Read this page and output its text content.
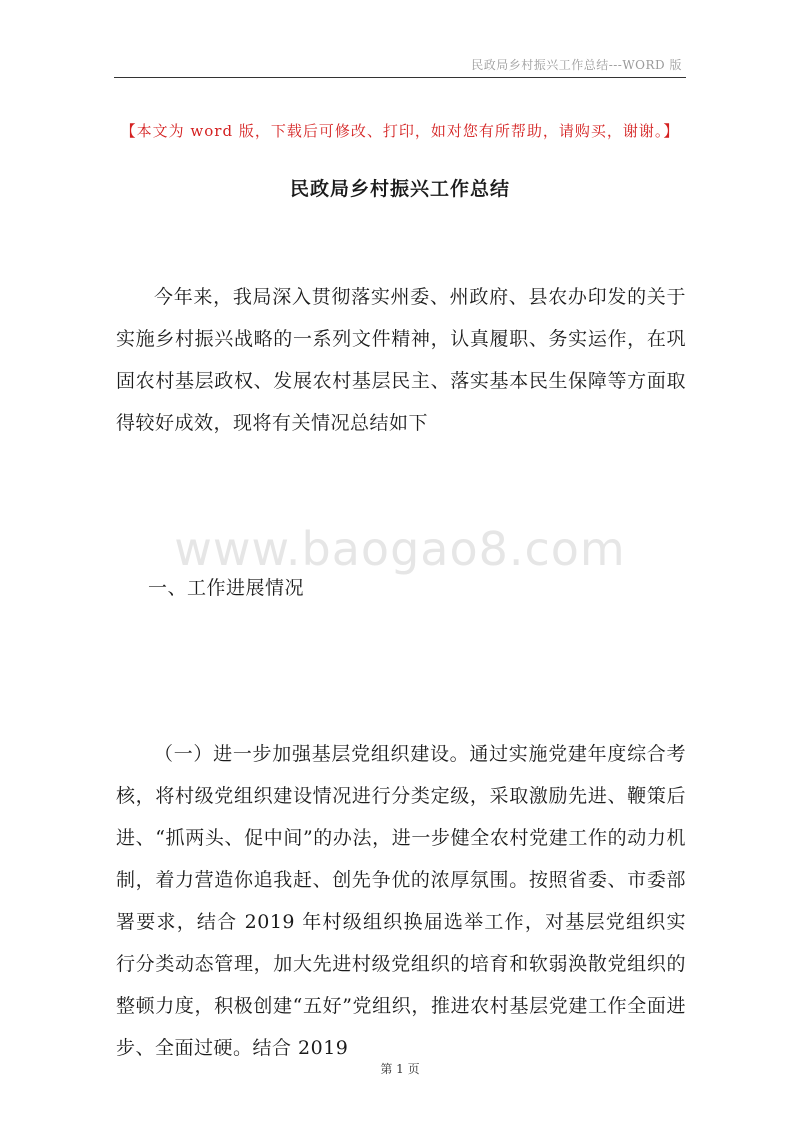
民政局乡村振兴工作总结---WORD 版
【本文为 word 版，下载后可修改、打印，如对您有所帮助，请购买，谢谢。】
民政局乡村振兴工作总结

今年来，我局深入贯彻落实州委、州政府、县农办印发的关于实施乡村振兴战略的一系列文件精神，认真履职、务实运作，在巩固农村基层政权、发展农村基层民主、落实基本民生保障等方面取得较好成效，现将有关情况总结如下

www.baogao8.com
一、工作进展情况

（一）进一步加强基层党组织建设。通过实施党建年度综合考核，将村级党组织建设情况进行分类定级，采取激励先进、鞭策后进、“抓两头、促中间”的办法，进一步健全农村党建工作的动力机制，着力营造你追我赶、创先争优的浓厚氛围。按照省委、市委部署要求，结合 2019 年村级组织换届选举工作，对基层党组织实行分类动态管理，加大先进村级党组织的培育和软弱涣散党组织的整顿力度，积极创建“五好”党组织，推进农村基层党建工作全面进步、全面过硬。结合 2019

第 1 页
